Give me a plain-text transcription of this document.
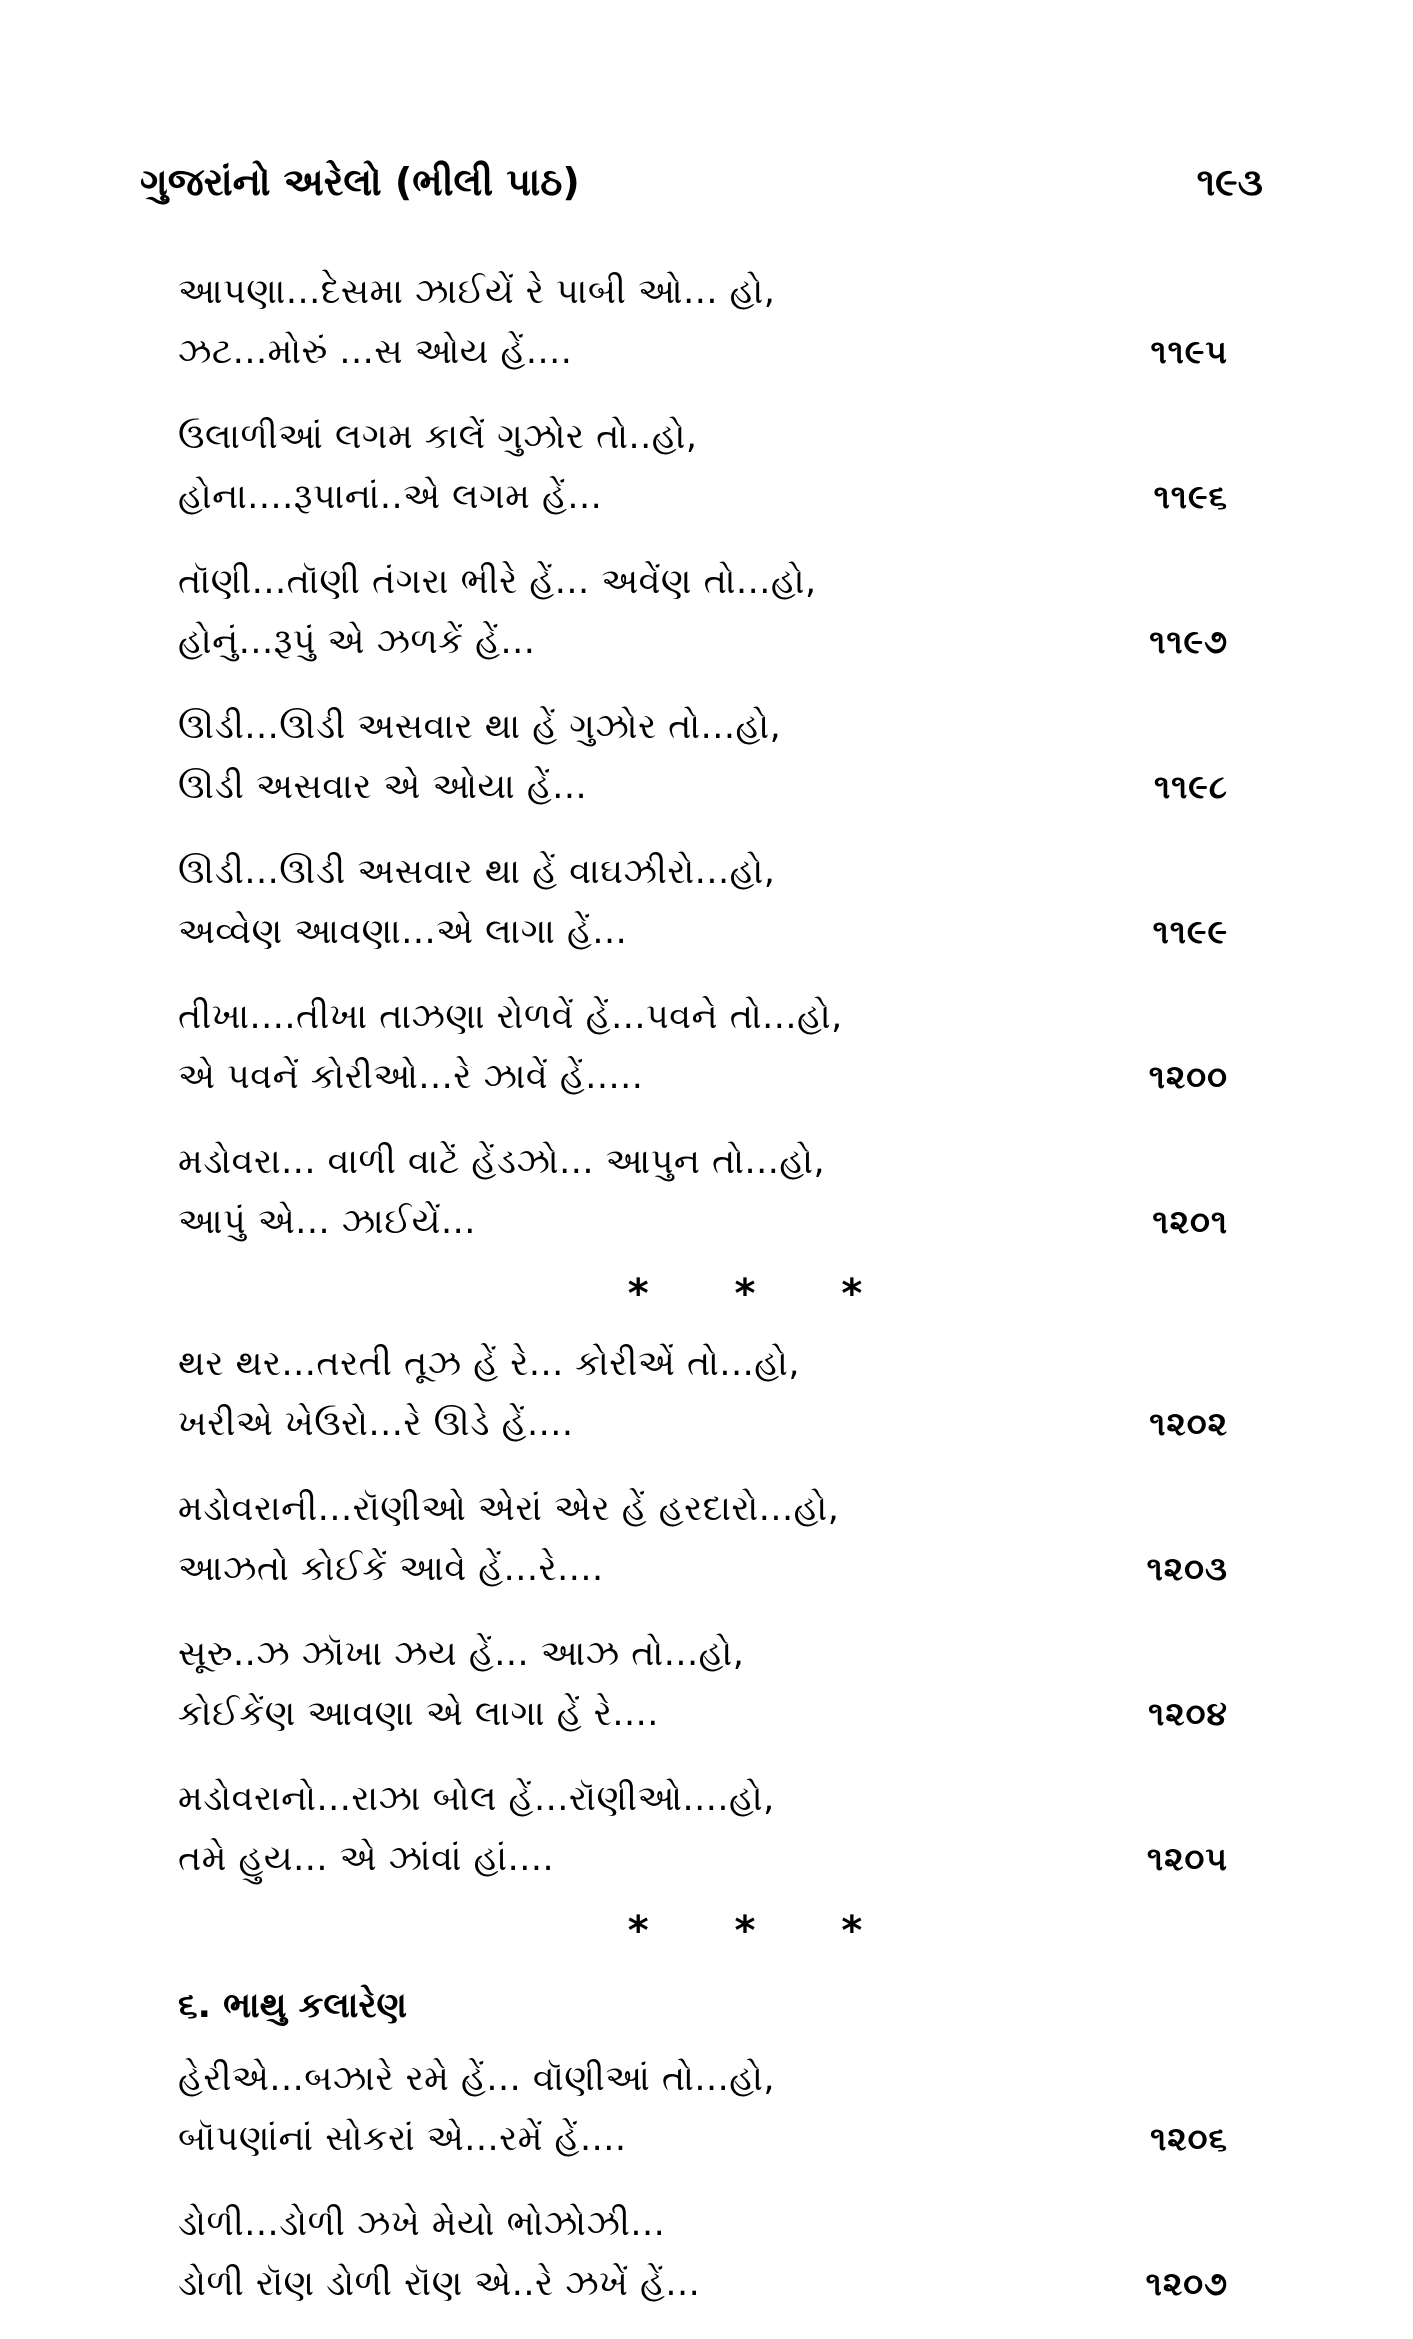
ગુજરાંનો અરેલો (ભીલી પાઠ)	૧૯૩
આપણા...દેસમા ઝાઈયેં રે પાબી ઓ... હો,
ઝટ...મોરું ...સ ઓય હેં....	૧૧૯૫
ઉલાળીઆં લગમ કાલેં ગુઝોર તો..હો,
હોના....રૂપાનાં..એ લગમ હેં...	૧૧૯૬
તૉણી...તૉણી તંગરા ભીરે હેં... અવેંણ તો...હો,
હોનું...રૂપું એ ઝળકેં હેં...	૧૧૯૭
ઊડી...ઊડી અસવાર થા હેં ગુઝોર તો...હો,
ઊડી અસવાર એ ઓયા હેં...	૧૧૯૮
ઊડી...ઊડી અસવાર થા હેં વાઘઝીરો...હો,
અવ્વેણ આવણા...એ લાગા હેં...	૧૧૯૯
તીખા....તીખા તાઝણા રોળવેં હેં...પવને તો...હો,
એ પવનેં કોરીઓ...રે ઝાવેં હેં.....	૧૨૦૦
મડોવરા... વાળી વાટેં હેંડઝો... આપુન તો...હો,
આપું એ... ઝાઈયેં...	૧૨૦૧
* * *
થર થર...તરતી તૂઝ હેં રે... કોરીએં તો...હો,
ખરીએ ખેઉરો...રે ઊડે હેં....	૧૨૦૨
મડોવરાની...રૉણીઓ એરાં એર હેં હરદારો...હો,
આઝતો કોઈકેં આવે હેં...રે....	૧૨૦૩
સૂરુ..ઝ ઝૉખા ઝય હેં... આઝ તો...હો,
કોઈકેંણ આવણા એ લાગા હેં રે....	૧૨૦૪
મડોવરાનો...રાઝા બોલ હેં...રૉણીઓ....હો,
તમે હુય... એ ઝાંવાં હાં....	૧૨૦૫
* * *
૬. ભાથુ કલારેણ
હેરીએ...બઝારે રમે હેં... વૉણીઆં તો...હો,
બૉપણાંનાં સોકરાં એ...રમેં હેં....	૧૨૦૬
ડોળી...ડોળી ઝખે મેયો ભોઝોઝી...
ડોળી રૉણ ડોળી રૉણ એ..રે ઝખેં હેં...	૧૨૦૭
